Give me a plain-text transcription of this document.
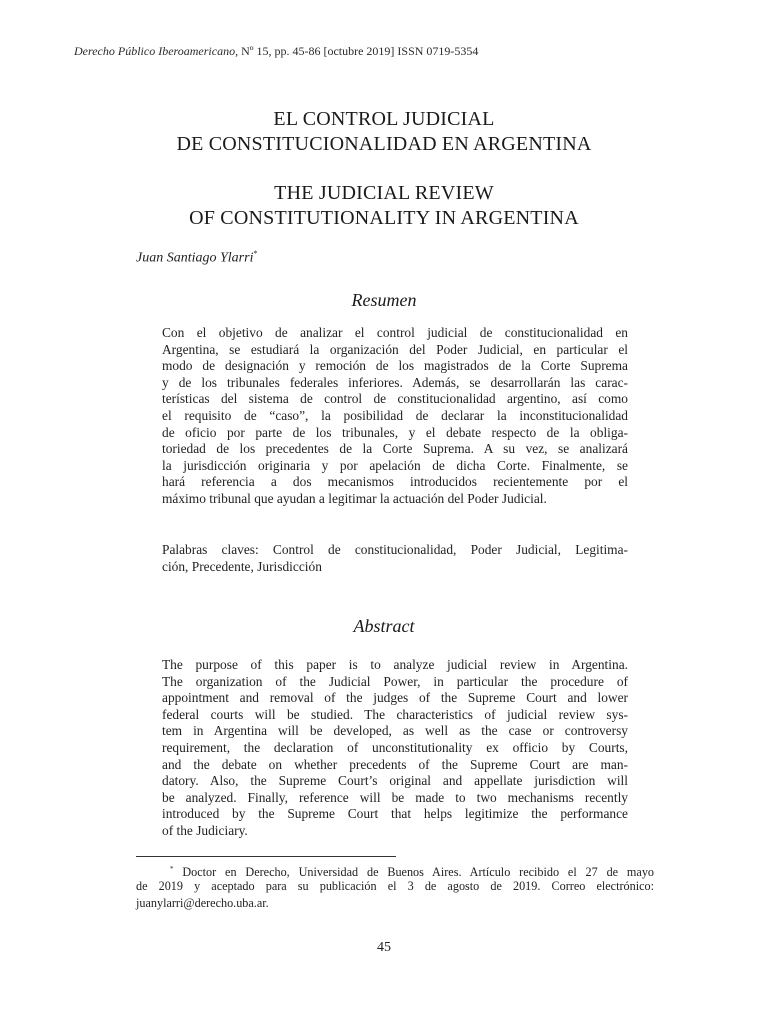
Derecho Público Iberoamericano, Nº 15, pp. 45-86 [octubre 2019] ISSN 0719-5354
EL CONTROL JUDICIAL
DE CONSTITUCIONALIDAD EN ARGENTINA
THE JUDICIAL REVIEW
OF CONSTITUTIONALITY IN ARGENTINA
Juan Santiago Ylarri*
Resumen
Con el objetivo de analizar el control judicial de constitucionalidad en
Argentina, se estudiará la organización del Poder Judicial, en particular el
modo de designación y remoción de los magistrados de la Corte Suprema
y de los tribunales federales inferiores. Además, se desarrollarán las carac-
terísticas del sistema de control de constitucionalidad argentino, así como
el requisito de “caso”, la posibilidad de declarar la inconstitucionalidad
de oficio por parte de los tribunales, y el debate respecto de la obliga-
toriedad de los precedentes de la Corte Suprema. A su vez, se analizará
la jurisdicción originaria y por apelación de dicha Corte. Finalmente, se
hará referencia a dos mecanismos introducidos recientemente por el
máximo tribunal que ayudan a legitimar la actuación del Poder Judicial.
Palabras claves: Control de constitucionalidad, Poder Judicial, Legitima-
ción, Precedente, Jurisdicción
Abstract
The purpose of this paper is to analyze judicial review in Argentina.
The organization of the Judicial Power, in particular the procedure of
appointment and removal of the judges of the Supreme Court and lower
federal courts will be studied. The characteristics of judicial review sys-
tem in Argentina will be developed, as well as the case or controversy
requirement, the declaration of unconstitutionality ex officio by Courts,
and the debate on whether precedents of the Supreme Court are man-
datory. Also, the Supreme Court’s original and appellate jurisdiction will
be analyzed. Finally, reference will be made to two mechanisms recently
introduced by the Supreme Court that helps legitimize the performance
of the Judiciary.
* Doctor en Derecho, Universidad de Buenos Aires. Artículo recibido el 27 de mayo
de 2019 y aceptado para su publicación el 3 de agosto de 2019. Correo electrónico:
juanylarri@derecho.uba.ar.
45
